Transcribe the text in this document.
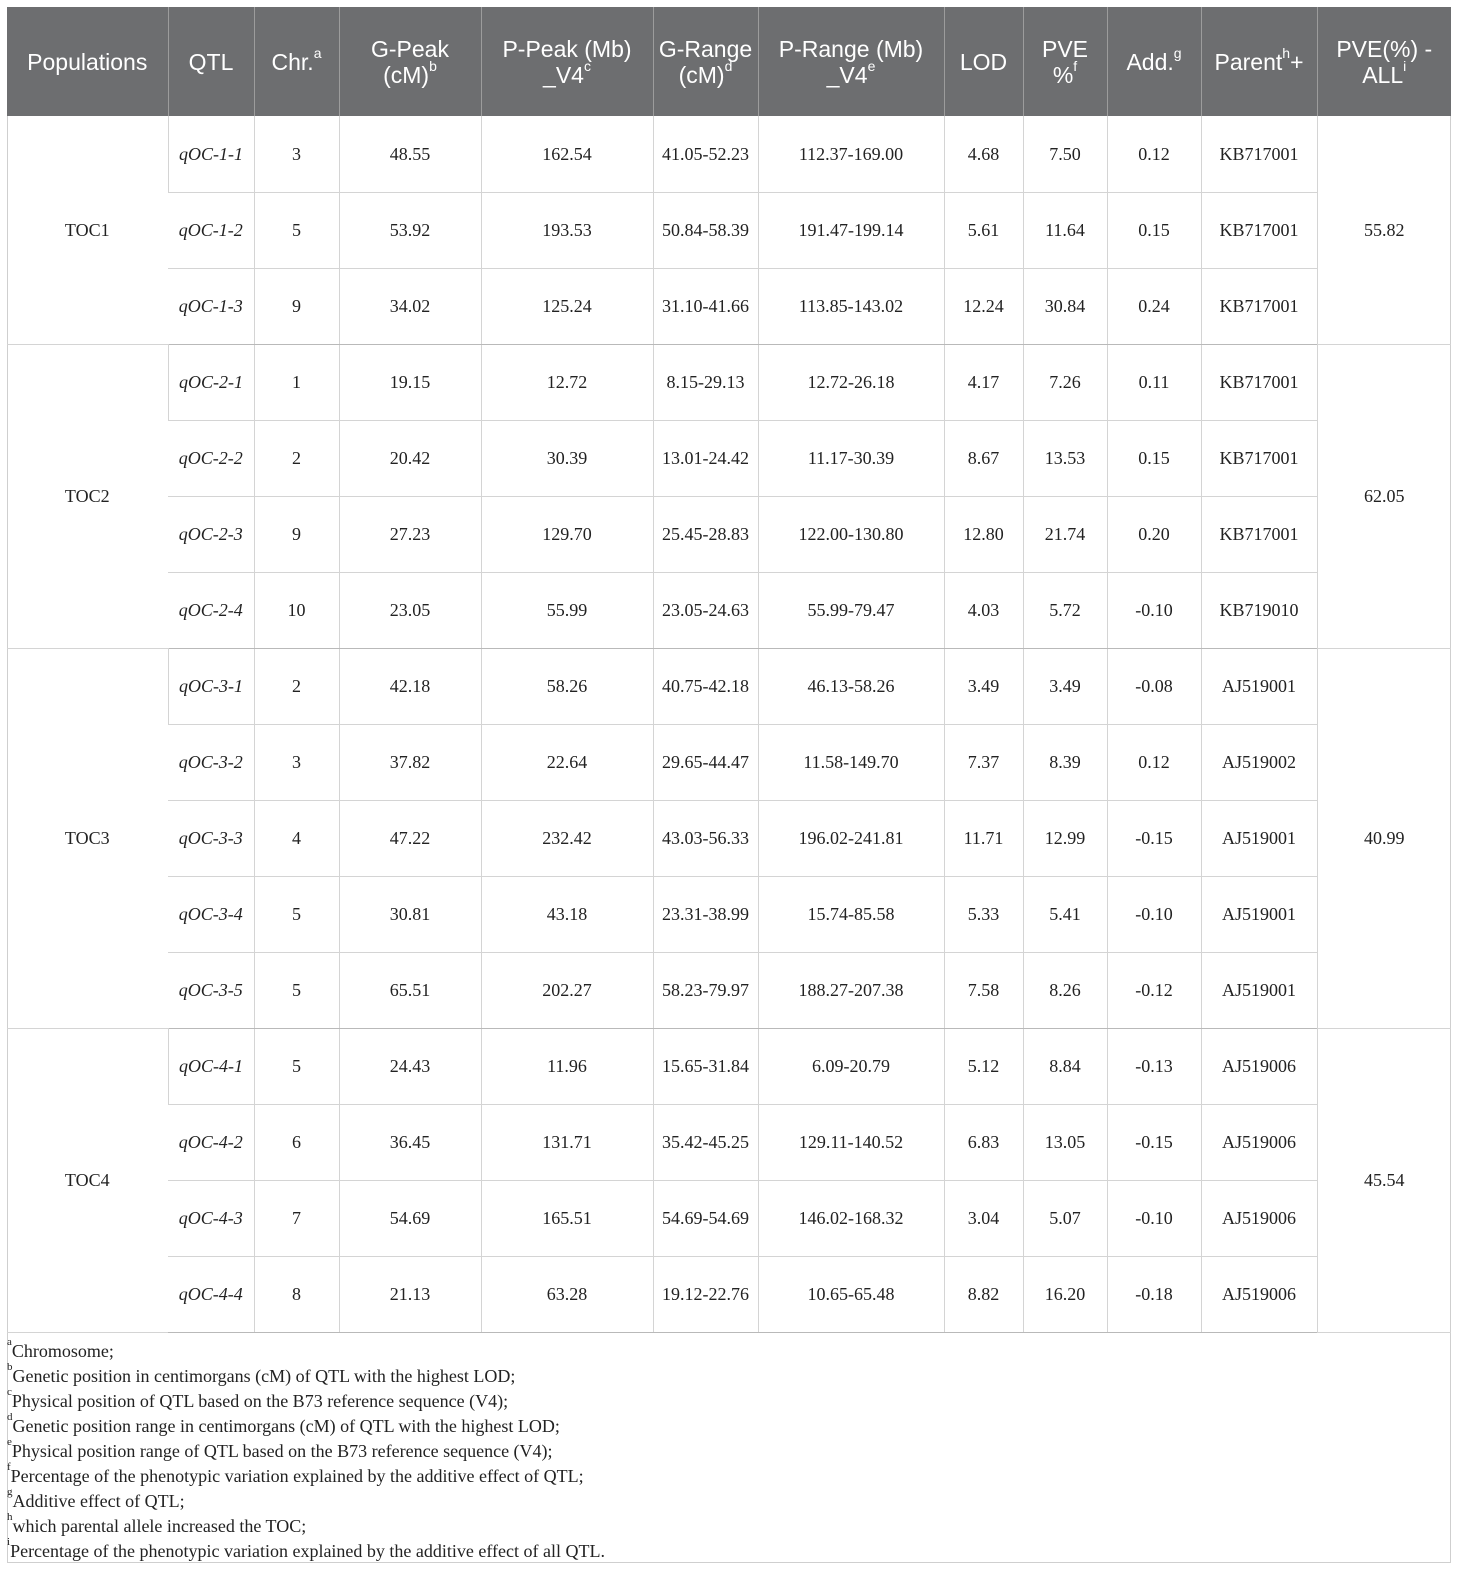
Populations	QTL	Chr.$^a$	G-Peak (cM)$^b$	P-Peak (Mb) _V4$^c$	G-Range (cM)$^d$	P-Range (Mb) _V4e	LOD	PVE %$^f$	Add.$^g$	Parent$^h$+	PVE(%) -ALL$^i$
TOC1	qOC-1-1	3	48.55	162.54	41.05-52.23	112.37-169.00	4.68	7.50	0.12	KB717001	55.82
	qOC-1-2	5	53.92	193.53	50.84-58.39	191.47-199.14	5.61	11.64	0.15	KB717001	
	qOC-1-3	9	34.02	125.24	31.10-41.66	113.85-143.02	12.24	30.84	0.24	KB717001	
TOC2	qOC-2-1	1	19.15	12.72	8.15-29.13	12.72-26.18	4.17	7.26	0.11	KB717001	62.05
	qOC-2-2	2	20.42	30.39	13.01-24.42	11.17-30.39	8.67	13.53	0.15	KB717001	
	qOC-2-3	9	27.23	129.70	25.45-28.83	122.00-130.80	12.80	21.74	0.20	KB717001	
	qOC-2-4	10	23.05	55.99	23.05-24.63	55.99-79.47	4.03	5.72	-0.10	KB719010	
TOC3	qOC-3-1	2	42.18	58.26	40.75-42.18	46.13-58.26	3.49	3.49	-0.08	AJ519001	40.99
	qOC-3-2	3	37.82	22.64	29.65-44.47	11.58-149.70	7.37	8.39	0.12	AJ519002	
	qOC-3-3	4	47.22	232.42	43.03-56.33	196.02-241.81	11.71	12.99	-0.15	AJ519001	
	qOC-3-4	5	30.81	43.18	23.31-38.99	15.74-85.58	5.33	5.41	-0.10	AJ519001	
	qOC-3-5	5	65.51	202.27	58.23-79.97	188.27-207.38	7.58	8.26	-0.12	AJ519001	
TOC4	qOC-4-1	5	24.43	11.96	15.65-31.84	6.09-20.79	5.12	8.84	-0.13	AJ519006	45.54
	qOC-4-2	6	36.45	131.71	35.42-45.25	129.11-140.52	6.83	13.05	-0.15	AJ519006	
	qOC-4-3	7	54.69	165.51	54.69-54.69	146.02-168.32	3.04	5.07	-0.10	AJ519006	
	qOC-4-4	8	21.13	63.28	19.12-22.76	10.65-65.48	8.82	16.20	-0.18	AJ519006	
$^a$Chromosome;
$^b$Genetic position in centimorgans (cM) of QTL with the highest LOD;
$^c$Physical position of QTL based on the B73 reference sequence (V4);
$^d$Genetic position range in centimorgans (cM) of QTL with the highest LOD;
$^e$Physical position range of QTL based on the B73 reference sequence (V4);
$^f$Percentage of the phenotypic variation explained by the additive effect of QTL;
$^g$Additive effect of QTL;
$^h$which parental allele increased the TOC;
$^i$Percentage of the phenotypic variation explained by the additive effect of all QTL.
